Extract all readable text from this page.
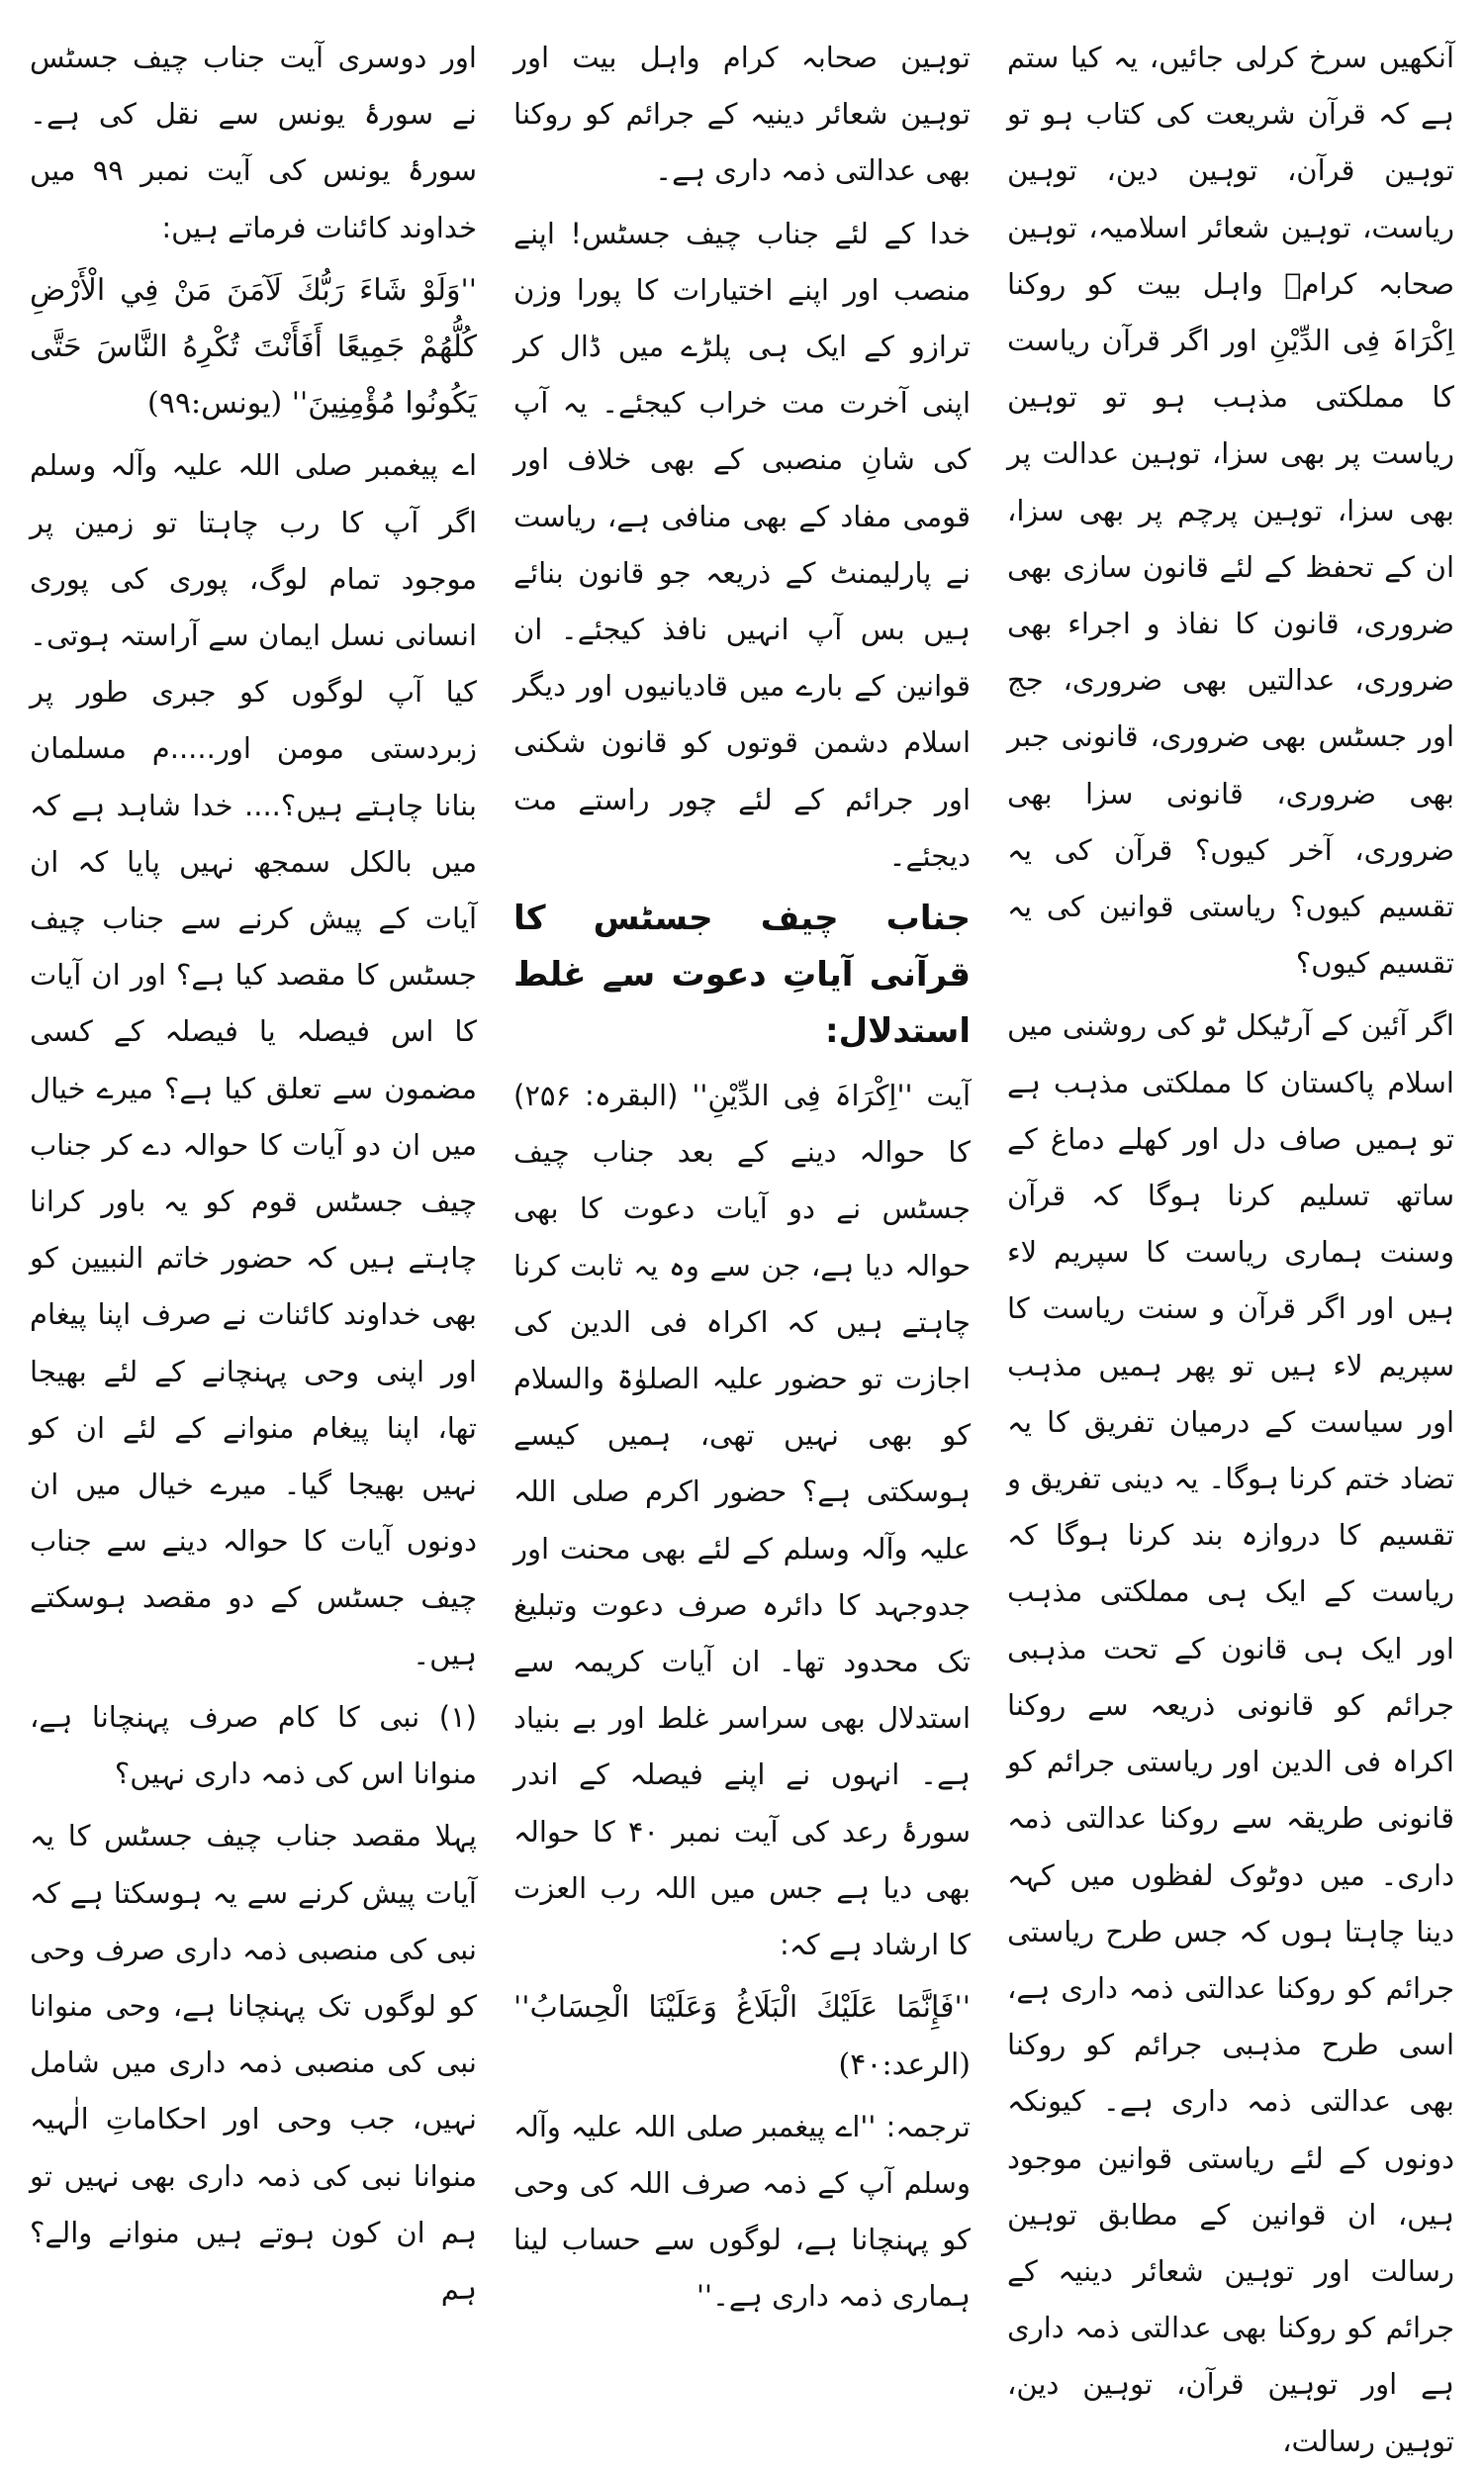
اور دوسری آیت جناب چیف جسٹس نے سورۂ یونس سے نقل کی ہے۔ سورۂ یونس کی آیت نمبر ۹۹ میں خداوند کائنات فرماتے ہیں:

''وَلَوْ شَاءَ رَبُّكَ لَآمَنَ مَنْ فِي الْأَرْضِ كُلُّهُمْ جَمِيعًا أَفَأَنْتَ تُكْرِهُ النَّاسَ حَتَّى يَكُونُوا مُؤْمِنِينَ'' (یونس:۹۹)

اے پیغمبر صلی اللہ علیہ وآلہ وسلم اگر آپ کا رب چاہتا تو زمین پر موجود تمام لوگ، پوری کی پوری انسانی نسل ایمان سے آراستہ ہوتی۔ کیا آپ لوگوں کو جبری طور پر زبردستی مومن اور.....م مسلمان بنانا چاہتے ہیں؟.... خدا شاہد ہے کہ میں بالکل سمجھ نہیں پایا کہ ان آیات کے پیش کرنے سے جناب چیف جسٹس کا مقصد کیا ہے؟ اور ان آیات کا اس فیصلہ یا فیصلہ کے کسی مضمون سے تعلق کیا ہے؟ میرے خیال میں ان دو آیات کا حوالہ دے کر جناب چیف جسٹس قوم کو یہ باور کرانا چاہتے ہیں کہ حضور خاتم النبیین کو بھی خداوند کائنات نے صرف اپنا پیغام اور اپنی وحی پہنچانے کے لئے بھیجا تھا، اپنا پیغام منوانے کے لئے ان کو نہیں بھیجا گیا۔ میرے خیال میں ان دونوں آیات کا حوالہ دینے سے جناب چیف جسٹس کے دو مقصد ہوسکتے ہیں۔

(۱) نبی کا کام صرف پہنچانا ہے، منوانا اس کی ذمہ داری نہیں؟

پہلا مقصد جناب چیف جسٹس کا یہ آیات پیش کرنے سے یہ ہوسکتا ہے کہ نبی کی منصبی ذمہ داری صرف وحی کو لوگوں تک پہنچانا ہے، وحی منوانا نبی کی منصبی ذمہ داری میں شامل نہیں، جب وحی اور احکاماتِ الٰہیہ منوانا نبی کی ذمہ داری بھی نہیں تو ہم ان کون ہوتے ہیں منوانے والے؟ ہم

توہین صحابہ کرام واہل بیت اور توہین شعائر دینیہ کے جرائم کو روکنا بھی عدالتی ذمہ داری ہے۔

خدا کے لئے جناب چیف جسٹس! اپنے منصب اور اپنے اختیارات کا پورا وزن ترازو کے ایک ہی پلڑے میں ڈال کر اپنی آخرت مت خراب کیجئے۔ یہ آپ کی شانِ منصبی کے بھی خلاف اور قومی مفاد کے بھی منافی ہے، ریاست نے پارلیمنٹ کے ذریعہ جو قانون بنائے ہیں بس آپ انہیں نافذ کیجئے۔ ان قوانین کے بارے میں قادیانیوں اور دیگر اسلام دشمن قوتوں کو قانون شکنی اور جرائم کے لئے چور راستے مت دیجئے۔

جناب چیف جسٹس کا قرآنی آیاتِ دعوت سے غلط استدلال:

آیت ''اِکْرَاہَ فِی الدِّیْنِ'' (البقرہ: ۲۵۶) کا حوالہ دینے کے بعد جناب چیف جسٹس نے دو آیات دعوت کا بھی حوالہ دیا ہے، جن سے وہ یہ ثابت کرنا چاہتے ہیں کہ اکراہ فی الدین کی اجازت تو حضور علیہ الصلوٰۃ والسلام کو بھی نہیں تھی، ہمیں کیسے ہوسکتی ہے؟ حضور اکرم صلی اللہ علیہ وآلہ وسلم کے لئے بھی محنت اور جدوجہد کا دائرہ صرف دعوت وتبلیغ تک محدود تھا۔ ان آیات کریمہ سے استدلال بھی سراسر غلط اور بے بنیاد ہے۔ انہوں نے اپنے فیصلہ کے اندر سورۂ رعد کی آیت نمبر ۴۰ کا حوالہ بھی دیا ہے جس میں اللہ رب العزت کا ارشاد ہے کہ:

''فَإِنَّمَا عَلَيْكَ الْبَلَاغُ وَعَلَيْنَا الْحِسَابُ'' (الرعد:۴۰)

ترجمہ: ''اے پیغمبر صلی اللہ علیہ وآلہ وسلم آپ کے ذمہ صرف اللہ کی وحی کو پہنچانا ہے، لوگوں سے حساب لینا ہماری ذمہ داری ہے۔''

آنکھیں سرخ کرلی جائیں، یہ کیا ستم ہے کہ قرآن شریعت کی کتاب ہو تو توہین قرآن، توہین دین، توہین ریاست، توہین شعائر اسلامیہ، توہین صحابہ کرامؓ واہل بیت کو روکنا اِکْرَاہَ فِی الدِّیْنِ اور اگر قرآن ریاست کا مملکتی مذہب ہو تو توہین ریاست پر بھی سزا، توہین عدالت پر بھی سزا، توہین پرچم پر بھی سزا، ان کے تحفظ کے لئے قانون سازی بھی ضروری، قانون کا نفاذ و اجراء بھی ضروری، عدالتیں بھی ضروری، جج اور جسٹس بھی ضروری، قانونی جبر بھی ضروری، قانونی سزا بھی ضروری، آخر کیوں؟ قرآن کی یہ تقسیم کیوں؟ ریاستی قوانین کی یہ تقسیم کیوں؟

اگر آئین کے آرٹیکل ٹو کی روشنی میں اسلام پاکستان کا مملکتی مذہب ہے تو ہمیں صاف دل اور کھلے دماغ کے ساتھ تسلیم کرنا ہوگا کہ قرآن وسنت ہماری ریاست کا سپریم لاء ہیں اور اگر قرآن و سنت ریاست کا سپریم لاء ہیں تو پھر ہمیں مذہب اور سیاست کے درمیان تفریق کا یہ تضاد ختم کرنا ہوگا۔ یہ دینی تفریق و تقسیم کا دروازہ بند کرنا ہوگا کہ ریاست کے ایک ہی مملکتی مذہب اور ایک ہی قانون کے تحت مذہبی جرائم کو قانونی ذریعہ سے روکنا اکراہ فی الدین اور ریاستی جرائم کو قانونی طریقہ سے روکنا عدالتی ذمہ داری۔ میں دوٹوک لفظوں میں کہہ دینا چاہتا ہوں کہ جس طرح ریاستی جرائم کو روکنا عدالتی ذمہ داری ہے، اسی طرح مذہبی جرائم کو روکنا بھی عدالتی ذمہ داری ہے۔ کیونکہ دونوں کے لئے ریاستی قوانین موجود ہیں، ان قوانین کے مطابق توہین رسالت اور توہین شعائر دینیہ کے جرائم کو روکنا بھی عدالتی ذمہ داری ہے اور توہین قرآن، توہین دین، توہین رسالت،
